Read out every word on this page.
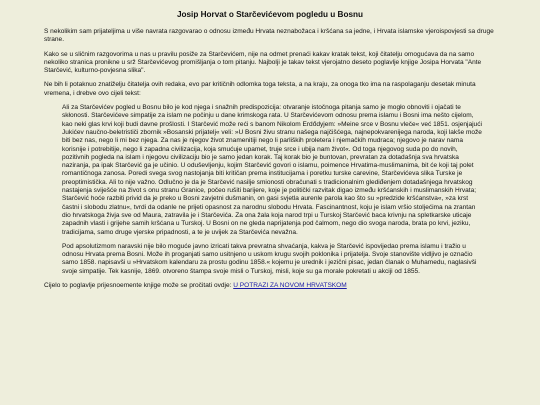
Josip Horvat o Starčevićevom pogledu u Bosnu

S nekolikim sam prijateljima u više navrata razgovarao o odnosu između Hrvata neznabožaca i kršćana sa jedne, i Hrvata islamske vjeroispovjesti sa druge strane.

Kako se u sličnim razgovorima u nas u pravilu posiže za Starčevićem, nije na odmet prenaći kakav kratak tekst, koji čitatelju omogućava da na samo nekoliko stranica pronikne u srž Starčevićevog promišljanja o tom pitanju. Najbolji je takav tekst vjerojatno deseto poglavlje knjige Josipa Horvata "Ante Starčević, kulturno-povjesna slika".

Ne bih li potaknuo znatiželju čitatelja ovih redaka, evo par kritičnih odlomka toga teksta, a na kraju, za onoga tko ima na raspolaganju desetak minuta vremena, i drebve ovo cijeli tekst:

Ali za Starčevićev pogled u Bosnu bilo je kod njega i snažnih predispozicija: otvaranje istočnoga pitanja samo je mogło obnoviti i ojačati te skłonosti. Starčevićeve simpatije za islam ne počinju u dane krimskoga rata. U Starčevićevom odnosu prema islamu i Bosni ima nešto cijelom, kao neki glas krvi koji budi davne prošlosti. I Starčević može reći s banom Nikolom Erdődyjem: »Meine srce v Bosnu vleče« već 1851. osjenjajući Jukićev naučno-beletrističi zbornik »Bosanski prijatelj« veli: »U Bosni živu stranu našega najčišćega, najnepokvarenijega naroda, koji lakše može biti bez nas, nego li mi bez njega. Za nas je njegov život znamenitiji nego li parliških proletera i njemačkih mudraca; njegovo je narav nama korisnije i potrebitije, nego li zapadna civilizacija, koja smućuje upamet, truje srce i ubija nam život«. Od toga njegovog suda po do novih, pozitivnih pogleda na islam i njegovu civilizaciju bio je samo jedan korak. Taj korak bio je buntovan, prevratan za dotadašnja sva hrvatska naziranja, pa ipak Starčević ga je učinio. U oduševljenju, kojim Starčević govori o islamu, poimence Hrvatima-muslimanima, bit će koji taj polet romantičnoga zanosa. Poredi svega svog nastojanja biti kritičan prema institucijama i poretku turske carevine, Starčevićeva slika Turske je preoptimistička. Ali to nije važno. Odlučno je da je Starčević nasilje smionosti obračunati s tradicionalnim glediđenjem dotadašnjega hrvatskog nastajenja sviješće na život s onu stranu Granice, počeo rušiti barijere, koje je politički razvitak digao između kršćanskih i muslimanskih Hrvata; Starčević hoće razbiti privid da je preko u Bosni zavjetni dušmanin, on gasi svjetla aurenle parola kao što su »predzide kršćanstva«, »za krst častni i slobodu zlatnu«, tvrdi da odanle ne prijeti opasnost za narodnu slobodu Hrvata. Fascinantnost, koju je islam vršio stoljećima na zrantan dio hrvatskoga živja sve od Maura, zatravila je i Starčevića. Za ona žala koja narod trpi u Turskoj Starčević baca krivnju na spletkarske uticaje zapadnih vlasti i grijehe samih kršćana u Turskoj. U Bosni on ne gleda naprijatenja pod čalmom, nego dio svoga naroda, brata po krvi, jeziku, tradicijama, samo druge vjerske pripadnosti, a te je uvijek za Starčevića nevažna.

Pod apsolutizmom naravski nije bilo moguće javno izricati takva prevratna shvaćanja, kakva je Starčević ispovijedao prema islamu i tražio u odnosu Hrvata prema Bosni. Može ih proganjati samo usitnjeno u uskom krugu svojih poklonika i prijatelja. Svoje stanovište vidljivo je označio samo 1858. napisavši u »Hrvatskom kalendaru za prostu godinu 1858.« kojemu je urednik i jezični pisac, jedan članak o Muhamedu, naglasivši svoje simpatije. Tek kasnije, 1869. otvoreno štampa svoje misli o Turskoj, misli, koje su ga morale pokretati u akciji od 1855.

Cijelo to poglavlje prijesnoemente knjige može se pročitati ovdje: U POTRAZI ZA NOVOM HRVATSKOM
